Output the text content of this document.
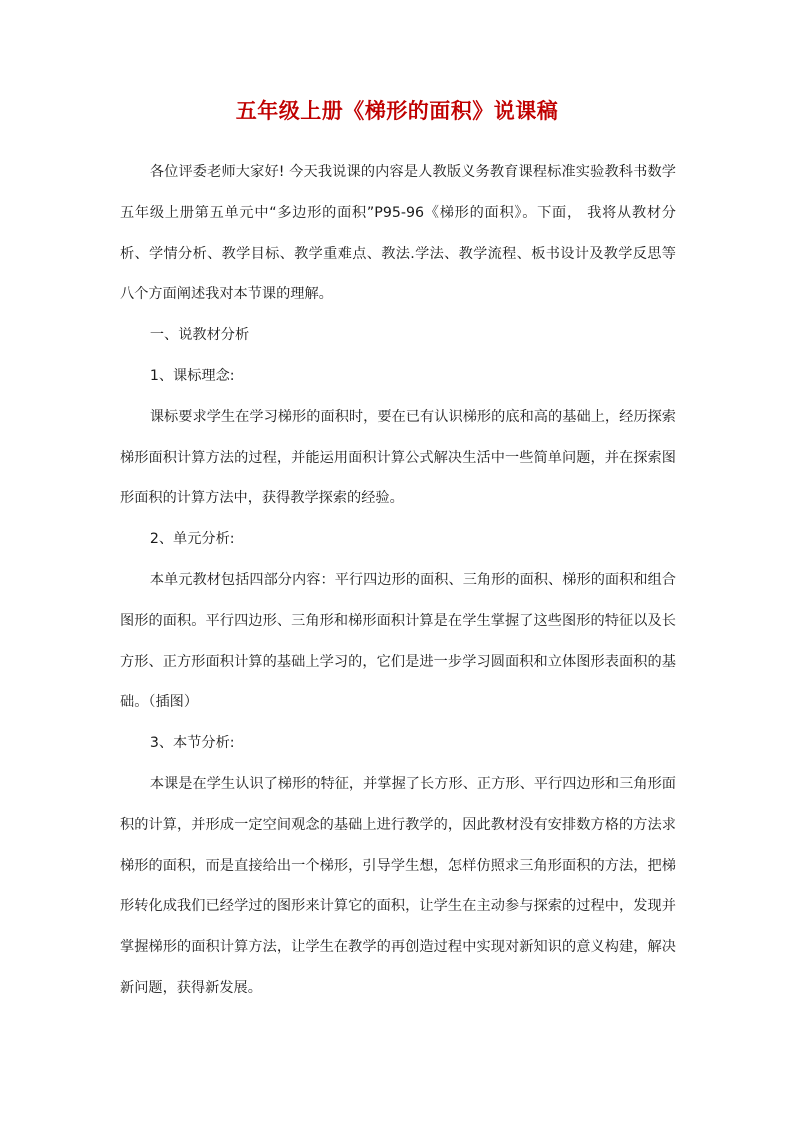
五年级上册《梯形的面积》说课稿

各位评委老师大家好! 今天我说课的内容是人教版义务教育课程标准实验教科书数学五年级上册第五单元中“多边形的面积”P95-96《梯形的面积》。下面， 我将从教材分析、学情分析、教学目标、教学重难点、教法.学法、教学流程、板书设计及教学反思等八个方面阐述我对本节课的理解。

一、说教材分析

1、课标理念:

课标要求学生在学习梯形的面积时，要在已有认识梯形的底和高的基础上，经历探索梯形面积计算方法的过程，并能运用面积计算公式解决生活中一些简单问题，并在探索图形面积的计算方法中，获得教学探索的经验。

2、单元分析:

本单元教材包括四部分内容：平行四边形的面积、三角形的面积、梯形的面积和组合图形的面积。平行四边形、三角形和梯形面积计算是在学生掌握了这些图形的特征以及长方形、正方形面积计算的基础上学习的，它们是进一步学习圆面积和立体图形表面积的基础。（插图）

3、本节分析:

本课是在学生认识了梯形的特征，并掌握了长方形、正方形、平行四边形和三角形面积的计算，并形成一定空间观念的基础上进行教学的，因此教材没有安排数方格的方法求梯形的面积，而是直接给出一个梯形，引导学生想，怎样仿照求三角形面积的方法，把梯形转化成我们已经学过的图形来计算它的面积，让学生在主动参与探索的过程中，发现并掌握梯形的面积计算方法，让学生在教学的再创造过程中实现对新知识的意义构建，解决新问题，获得新发展。
